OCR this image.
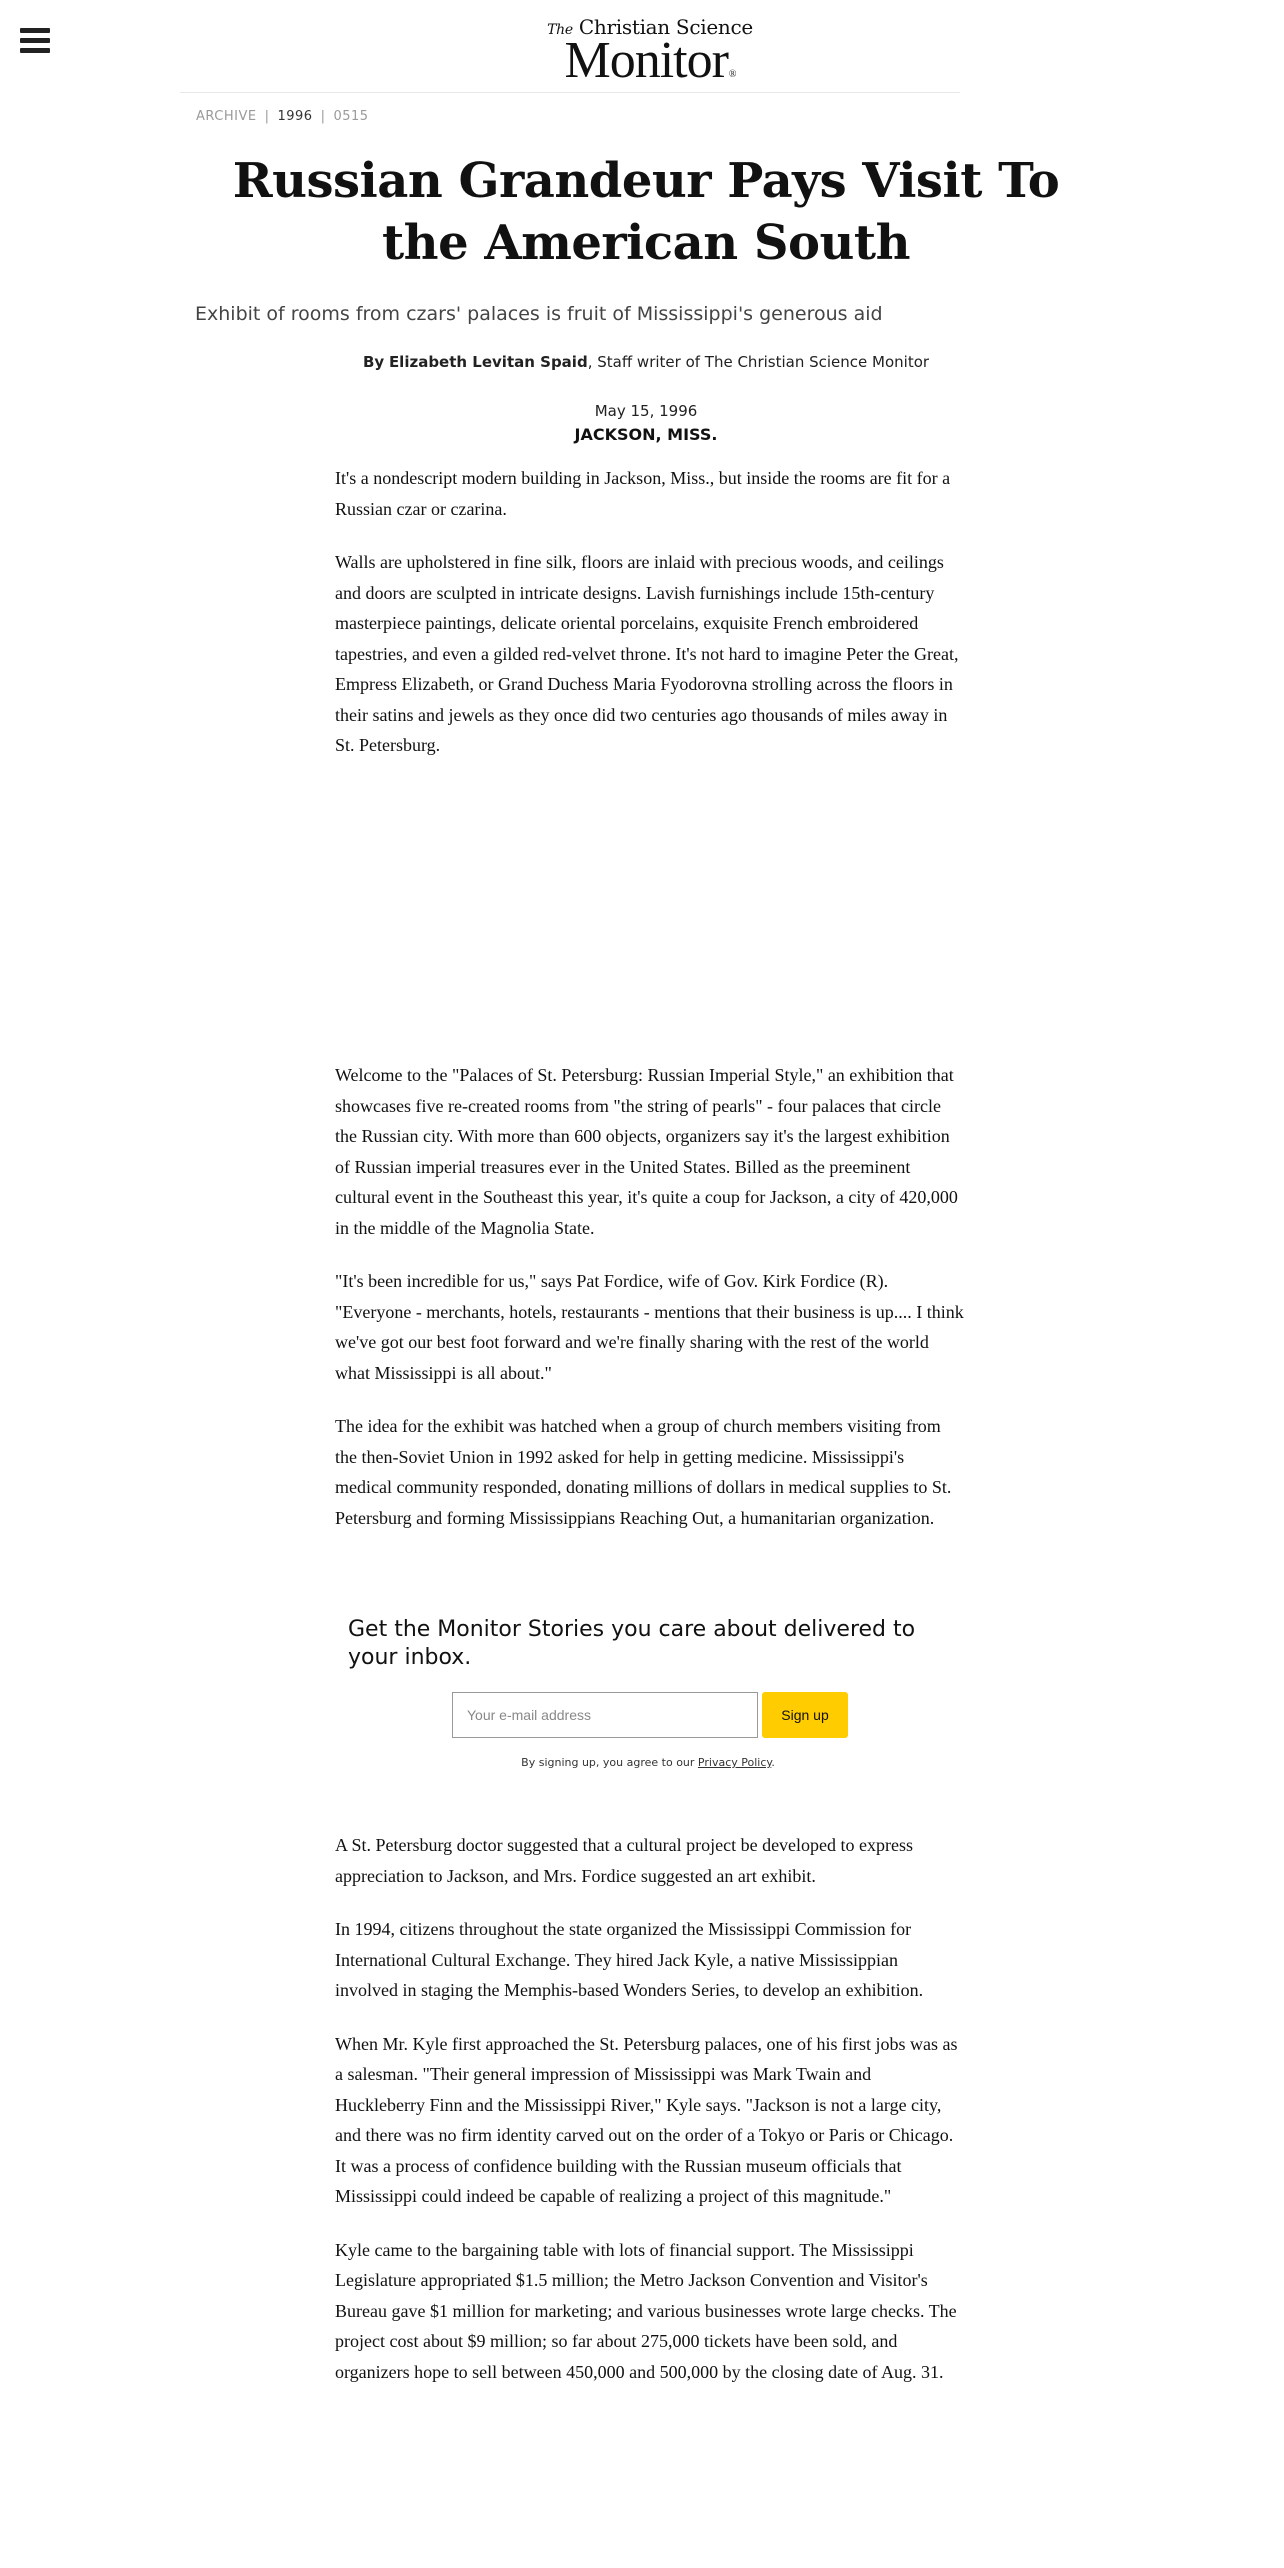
The Christian Science
Monitor®
ARCHIVE | 1996 | 0515
Russian Grandeur Pays Visit To the American South
Exhibit of rooms from czars' palaces is fruit of Mississippi's generous aid
By Elizabeth Levitan Spaid, Staff writer of The Christian Science Monitor
May 15, 1996
JACKSON, MISS.

It's a nondescript modern building in Jackson, Miss., but inside the rooms are fit for a Russian czar or czarina.

Walls are upholstered in fine silk, floors are inlaid with precious woods, and ceilings and doors are sculpted in intricate designs. Lavish furnishings include 15th-century masterpiece paintings, delicate oriental porcelains, exquisite French embroidered tapestries, and even a gilded red-velvet throne. It's not hard to imagine Peter the Great, Empress Elizabeth, or Grand Duchess Maria Fyodorovna strolling across the floors in their satins and jewels as they once did two centuries ago thousands of miles away in St. Petersburg.

Welcome to the "Palaces of St. Petersburg: Russian Imperial Style," an exhibition that showcases five re-created rooms from "the string of pearls" - four palaces that circle the Russian city. With more than 600 objects, organizers say it's the largest exhibition of Russian imperial treasures ever in the United States. Billed as the preeminent cultural event in the Southeast this year, it's quite a coup for Jackson, a city of 420,000 in the middle of the Magnolia State.

"It's been incredible for us," says Pat Fordice, wife of Gov. Kirk Fordice (R). "Everyone - merchants, hotels, restaurants - mentions that their business is up.... I think we've got our best foot forward and we're finally sharing with the rest of the world what Mississippi is all about."

The idea for the exhibit was hatched when a group of church members visiting from the then-Soviet Union in 1992 asked for help in getting medicine. Mississippi's medical community responded, donating millions of dollars in medical supplies to St. Petersburg and forming Mississippians Reaching Out, a humanitarian organization.

Get the Monitor Stories you care about delivered to your inbox.
Your e-mail address
Sign up
By signing up, you agree to our Privacy Policy.

A St. Petersburg doctor suggested that a cultural project be developed to express appreciation to Jackson, and Mrs. Fordice suggested an art exhibit.

In 1994, citizens throughout the state organized the Mississippi Commission for International Cultural Exchange. They hired Jack Kyle, a native Mississippian involved in staging the Memphis-based Wonders Series, to develop an exhibition.

When Mr. Kyle first approached the St. Petersburg palaces, one of his first jobs was as a salesman. "Their general impression of Mississippi was Mark Twain and Huckleberry Finn and the Mississippi River," Kyle says. "Jackson is not a large city, and there was no firm identity carved out on the order of a Tokyo or Paris or Chicago. It was a process of confidence building with the Russian museum officials that Mississippi could indeed be capable of realizing a project of this magnitude."

Kyle came to the bargaining table with lots of financial support. The Mississippi Legislature appropriated $1.5 million; the Metro Jackson Convention and Visitor's Bureau gave $1 million for marketing; and various businesses wrote large checks. The project cost about $9 million; so far about 275,000 tickets have been sold, and organizers hope to sell between 450,000 and 500,000 by the closing date of Aug. 31.
